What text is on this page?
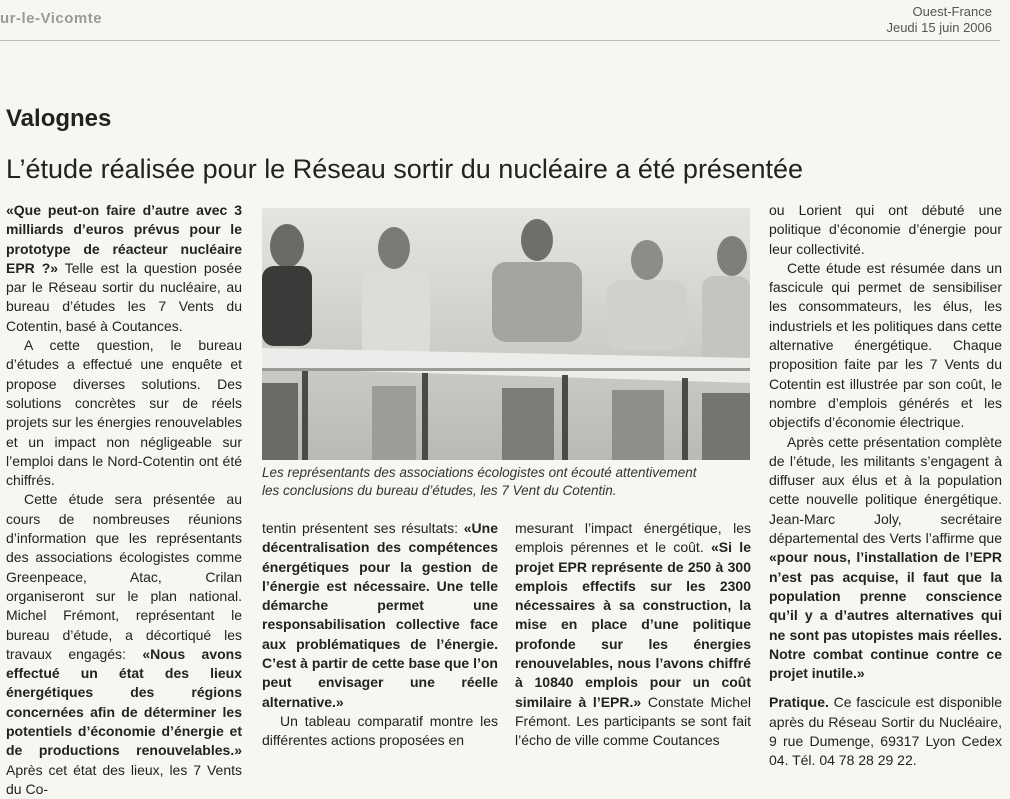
ur-le-Vicomte	Ouest-France
Jeudi 15 juin 2006
Valognes
L’étude réalisée pour le Réseau sortir du nucléaire a été présentée

«Que peut-on faire d’autre avec 3 milliards d’euros prévus pour le prototype de réacteur nucléaire EPR ?» Telle est la question posée par le Réseau sortir du nucléaire, au bureau d’études les 7 Vents du Cotentin, basé à Coutances.

A cette question, le bureau d’études a effectué une enquête et propose diverses solutions. Des solutions concrètes sur de réels projets sur les énergies renouvelables et un impact non négligeable sur l’emploi dans le Nord-Cotentin ont été chiffrés.

Cette étude sera présentée au cours de nombreuses réunions d’information que les représentants des associations écologistes comme Greenpeace, Atac, Crilan organiseront sur le plan national. Michel Frémont, représentant le bureau d’étude, a décortiqué les travaux engagés: «Nous avons effectué un état des lieux énergétiques des régions concernées afin de déterminer les potentiels d’économie d’énergie et de productions renouvelables.» Après cet état des lieux, les 7 Vents du Co-

Les représentants des associations écologistes ont écouté attentivement
les conclusions du bureau d’études, les 7 Vent du Cotentin.

tentin présentent ses résultats: «Une décentralisation des compétences énergétiques pour la gestion de l’énergie est nécessaire. Une telle démarche permet une responsabilisation collective face aux problématiques de l’énergie. C’est à partir de cette base que l’on peut envisager une réelle alternative.»

Un tableau comparatif montre les différentes actions proposées en

mesurant l’impact énergétique, les emplois pérennes et le coût. «Si le projet EPR représente de 250 à 300 emplois effectifs sur les 2300 nécessaires à sa construction, la mise en place d’une politique profonde sur les énergies renouvelables, nous l’avons chiffré à 10840 emplois pour un coût similaire à l’EPR.» Constate Michel Frémont. Les participants se sont fait l’écho de ville comme Coutances

ou Lorient qui ont débuté une politique d’économie d’énergie pour leur collectivité.

Cette étude est résumée dans un fascicule qui permet de sensibiliser les consommateurs, les élus, les industriels et les politiques dans cette alternative énergétique. Chaque proposition faite par les 7 Vents du Cotentin est illustrée par son coût, le nombre d’emplois générés et les objectifs d’économie électrique.

Après cette présentation complète de l’étude, les militants s’engagent à diffuser aux élus et à la population cette nouvelle politique énergétique. Jean-Marc Joly, secrétaire départemental des Verts l’affirme que «pour nous, l’installation de l’EPR n’est pas acquise, il faut que la population prenne conscience qu’il y a d’autres alternatives qui ne sont pas utopistes mais réelles. Notre combat continue contre ce projet inutile.»

Pratique. Ce fascicule est disponible après du Réseau Sortir du Nucléaire, 9 rue Dumenge, 69317 Lyon Cedex 04. Tél. 04 78 28 29 22.
